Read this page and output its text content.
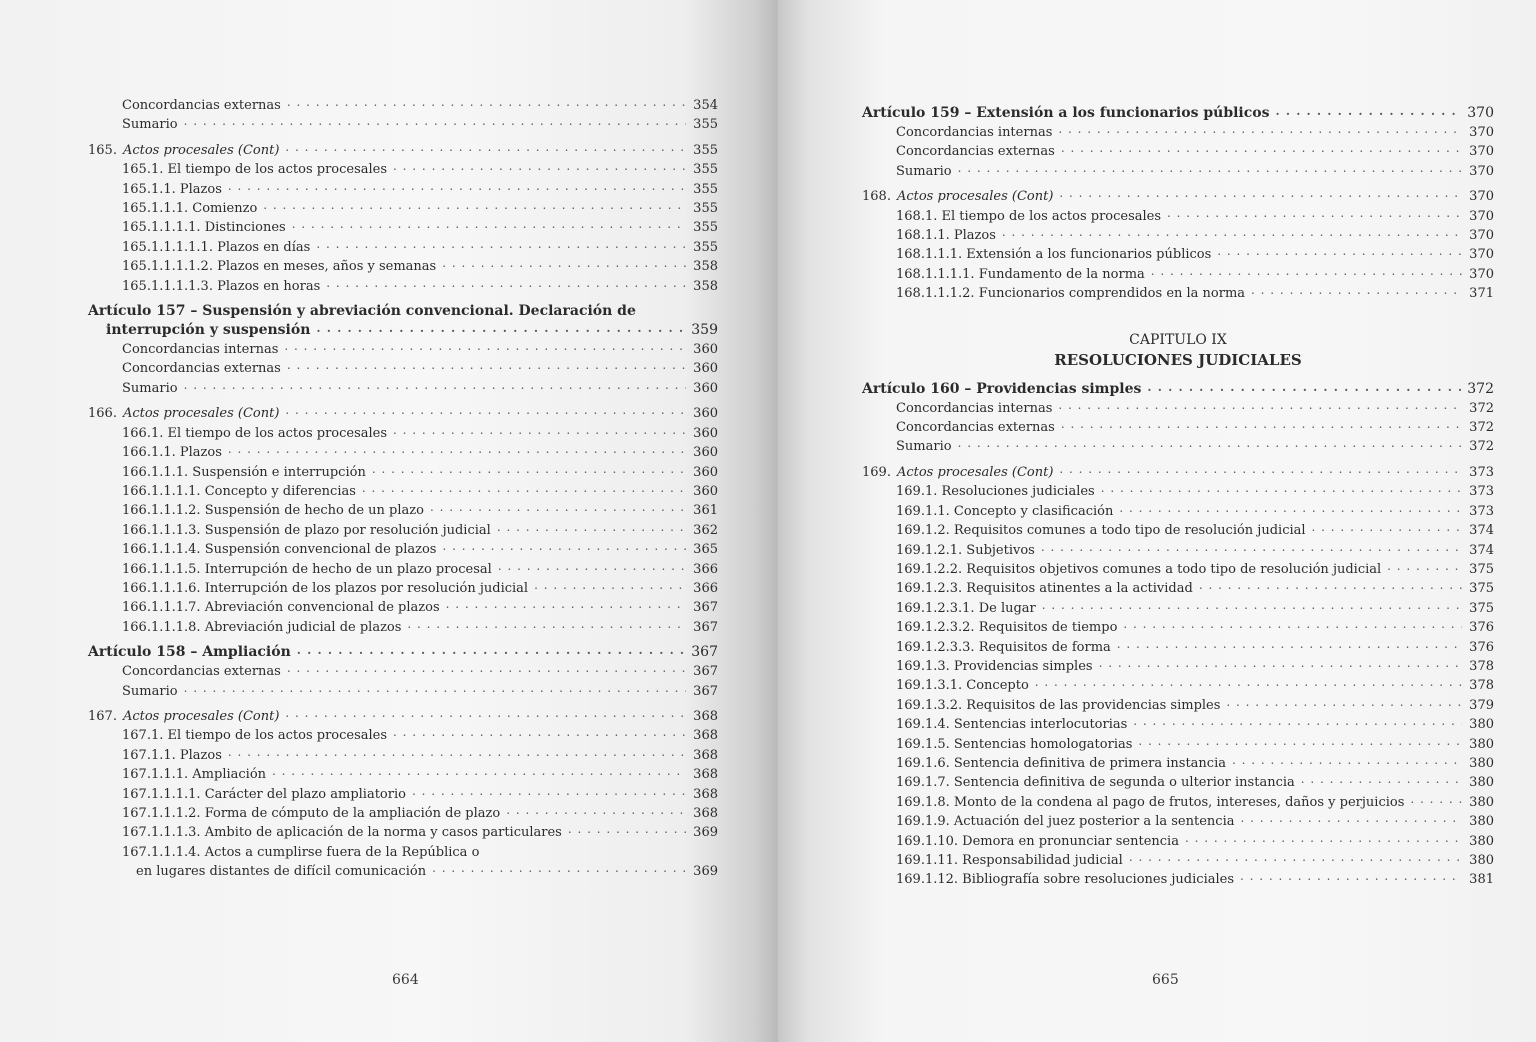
Concordancias externas . . .	354
Sumario . . .	355
165. Actos procesales (Cont) . . .	355
165.1. El tiempo de los actos procesales . . .	355
165.1.1. Plazos . . .	355
165.1.1.1. Comienzo . . .	355
165.1.1.1.1. Distinciones . . .	355
165.1.1.1.1.1. Plazos en días . . .	355
165.1.1.1.1.2. Plazos en meses, años y semanas . . .	358
165.1.1.1.1.3. Plazos en horas . . .	358
Artículo 157 – Suspensión y abreviación convencional. Declaración de
interrupción y suspensión . . .	359
Concordancias internas . . .	360
Concordancias externas . . .	360
Sumario . . .	360
166. Actos procesales (Cont) . . .	360
166.1. El tiempo de los actos procesales . . .	360
166.1.1. Plazos . . .	360
166.1.1.1. Suspensión e interrupción . . .	360
166.1.1.1.1. Concepto y diferencias . . .	360
166.1.1.1.2. Suspensión de hecho de un plazo . . .	361
166.1.1.1.3. Suspensión de plazo por resolución judicial . . .	362
166.1.1.1.4. Suspensión convencional de plazos . . .	365
166.1.1.1.5. Interrupción de hecho de un plazo procesal . . .	366
166.1.1.1.6. Interrupción de los plazos por resolución judicial . . .	366
166.1.1.1.7. Abreviación convencional de plazos . . .	367
166.1.1.1.8. Abreviación judicial de plazos . . .	367
Artículo 158 – Ampliación . . .	367
Concordancias externas . . .	367
Sumario . . .	367
167. Actos procesales (Cont) . . .	368
167.1. El tiempo de los actos procesales . . .	368
167.1.1. Plazos . . .	368
167.1.1.1. Ampliación . . .	368
167.1.1.1.1. Carácter del plazo ampliatorio . . .	368
167.1.1.1.2. Forma de cómputo de la ampliación de plazo . . .	368
167.1.1.1.3. Ambito de aplicación de la norma y casos particulares . . .	369
167.1.1.1.4. Actos a cumplirse fuera de la República o
en lugares distantes de difícil comunicación . . .	369
664
Artículo 159 – Extensión a los funcionarios públicos . . .	370
Concordancias internas . . .	370
Concordancias externas . . .	370
Sumario . . .	370
168. Actos procesales (Cont) . . .	370
168.1. El tiempo de los actos procesales . . .	370
168.1.1. Plazos . . .	370
168.1.1.1. Extensión a los funcionarios públicos . . .	370
168.1.1.1.1. Fundamento de la norma . . .	370
168.1.1.1.2. Funcionarios comprendidos en la norma . . .	371
CAPITULO IX
RESOLUCIONES JUDICIALES
Artículo 160 – Providencias simples . . .	372
Concordancias internas . . .	372
Concordancias externas . . .	372
Sumario . . .	372
169. Actos procesales (Cont) . . .	373
169.1. Resoluciones judiciales . . .	373
169.1.1. Concepto y clasificación . . .	373
169.1.2. Requisitos comunes a todo tipo de resolución judicial . . .	374
169.1.2.1. Subjetivos . . .	374
169.1.2.2. Requisitos objetivos comunes a todo tipo de resolución judicial . . .	375
169.1.2.3. Requisitos atinentes a la actividad . . .	375
169.1.2.3.1. De lugar . . .	375
169.1.2.3.2. Requisitos de tiempo . . .	376
169.1.2.3.3. Requisitos de forma . . .	376
169.1.3. Providencias simples . . .	378
169.1.3.1. Concepto . . .	378
169.1.3.2. Requisitos de las providencias simples . . .	379
169.1.4. Sentencias interlocutorias . . .	380
169.1.5. Sentencias homologatorias . . .	380
169.1.6. Sentencia definitiva de primera instancia . . .	380
169.1.7. Sentencia definitiva de segunda o ulterior instancia . . .	380
169.1.8. Monto de la condena al pago de frutos, intereses, daños y perjuicios . . .	380
169.1.9. Actuación del juez posterior a la sentencia . . .	380
169.1.10. Demora en pronunciar sentencia . . .	380
169.1.11. Responsabilidad judicial . . .	380
169.1.12. Bibliografía sobre resoluciones judiciales . . .	381
665
